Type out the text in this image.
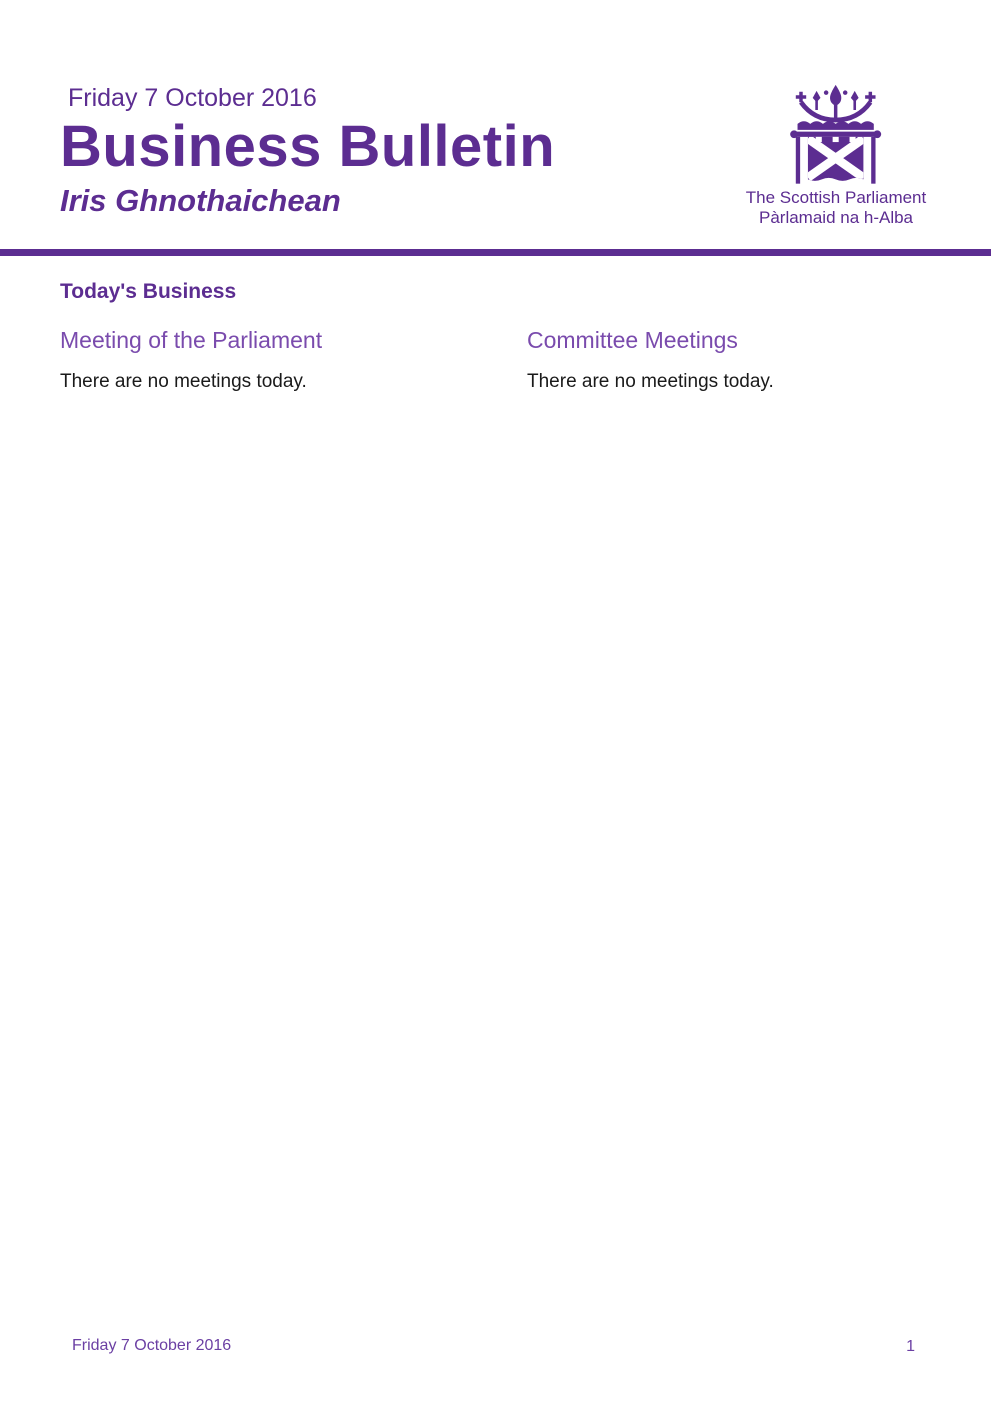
Friday 7 October 2016
Business Bulletin
Iris Ghnothaichean	The Scottish Parliament
Pàrlamaid na h-Alba
Today's Business
Meeting of the Parliament

There are no meetings today.

Committee Meetings

There are no meetings today.

Friday 7 October 2016	1
